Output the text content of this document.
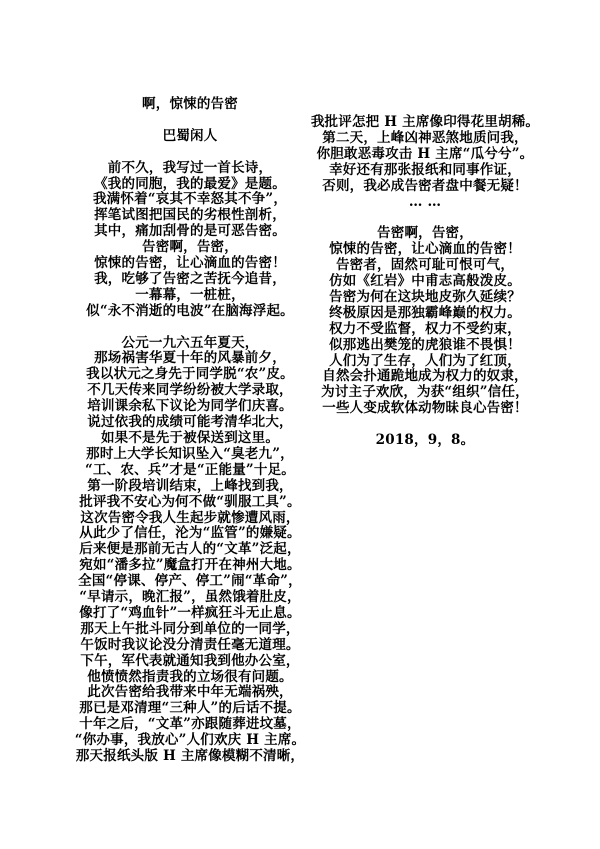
啊，惊悚的告密
巴蜀闲人
前不久，我写过一首长诗，
《我的同胞，我的最爱》是题。
我满怀着“哀其不幸怒其不争”，
挥笔试图把国民的劣根性剖析，
其中，痛加刮骨的是可恶告密。
告密啊，告密，
惊悚的告密，让心滴血的告密！
我，吃够了告密之苦抚今追昔，
一幕幕，一桩桩，
似“永不消逝的电波”在脑海浮起。
公元一九六五年夏天，
那场祸害华夏十年的风暴前夕，
我以状元之身先于同学脱“农”皮。
不几天传来同学纷纷被大学录取，
培训课余私下议论为同学们庆喜。
说过依我的成绩可能考清华北大，
如果不是先于被保送到这里。
那时上大学长知识坠入“臭老九”，
“工、农、兵”才是“正能量”十足。
第一阶段培训结束，上峰找到我，
批评我不安心为何不做“驯服工具”。
这次告密令我人生起步就惨遭风雨，
从此少了信任，沦为“监管”的嫌疑。
后来便是那前无古人的“文革”泛起，
宛如“潘多拉”魔盒打开在神州大地。
全国“停课、停产、停工”闹“革命”，
“早请示，晚汇报”，虽然饿着肚皮，
像打了“鸡血针”一样疯狂斗无止息。
那天上午批斗同分到单位的一同学，
午饭时我议论没分清责任毫无道理。
下午，军代表就通知我到他办公室，
他愤愤然指责我的立场很有问题。
此次告密给我带来中年无端祸殃，
那已是邓清理“三种人”的后话不提。
十年之后，“文革”亦跟随葬进坟墓，
“你办事，我放心”人们欢庆 H 主席。
那天报纸头版 H 主席像模糊不清晰，
我批评怎把 H 主席像印得花里胡稀。
第二天，上峰凶神恶煞地质问我，
你胆敢恶毒攻击 H 主席“瓜兮兮”。
幸好还有那张报纸和同事作证，
否则，我必成告密者盘中餐无疑！
… …
告密啊，告密，
惊悚的告密，让心滴血的告密！
告密者，固然可耻可恨可气，
仿如《红岩》中甫志高般泼皮。
告密为何在这块地皮弥久延续？
终极原因是那独霸峰巅的权力。
权力不受监督，权力不受约束，
似那逃出樊笼的虎狼谁不畏惧！
人们为了生存，人们为了红顶，
自然会扑通跪地成为权力的奴隶，
为讨主子欢欣，为获“组织”信任，
一些人变成软体动物昧良心告密！
2018，9，8。
